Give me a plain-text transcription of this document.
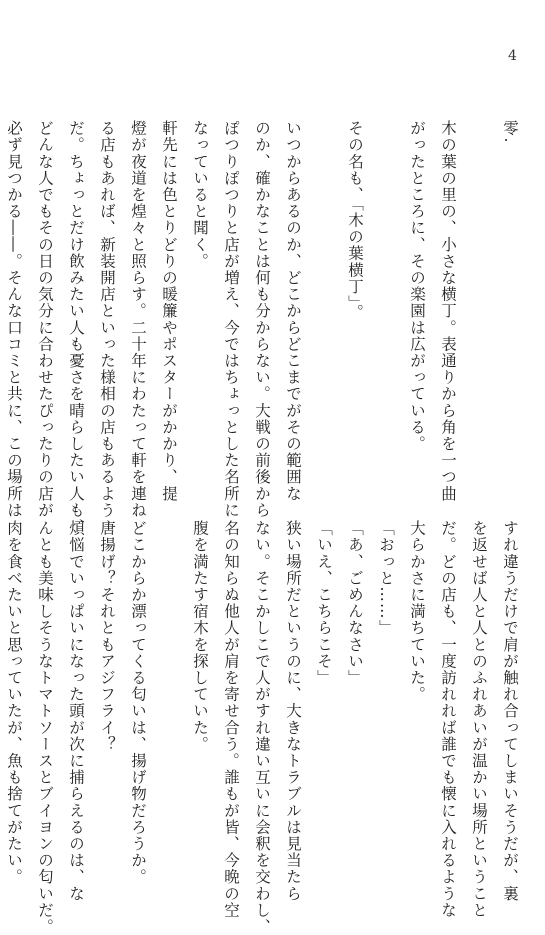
4
零.
木の葉の里の、小さな横丁。表通りから角を一つ曲
がったところに、その楽園は広がっている。
その名も、「木の葉横丁」。
いつからあるのか、どこからどこまでがその範囲な
のか、確かなことは何も分からない。大戦の前後から
ぽつりぽつりと店が増え、今ではちょっとした名所に
なっていると聞く。
軒先には色とりどりの暖簾やポスターがかかり、提
燈が夜道を煌々と照らす。二十年にわたって軒を連ね
る店もあれば、新装開店といった様相の店もあるよう
だ。ちょっとだけ飲みたい人も憂さを晴らしたい人も、
どんな人でもその日の気分に合わせたぴったりの店が
必ず見つかる――。そんな口コミと共に、この場所は
すれ違うだけで肩が触れ合ってしまいそうだが、裏
を返せば人と人とのふれあいが温かい場所ということ
だ。どの店も、一度訪れれば誰でも懐に入れるような
大らかさに満ちていた。
「おっと……」
「あ、ごめんなさい」
「いえ、こちらこそ」
狭い場所だというのに、大きなトラブルは見当たら
ない。そこかしこで人がすれ違い互いに会釈を交わし、
名の知らぬ他人が肩を寄せ合う。誰もが皆、今晩の空
腹を満たす宿木を探していた。
どこからか漂ってくる匂いは、揚げ物だろうか。
唐揚げ？それともアジフライ？
煩悩でいっぱいになった頭が次に捕らえるのは、な
んとも美味しそうなトマトソースとブイヨンの匂いだ。
肉を食べたいと思っていたが、魚も捨てがたい。
